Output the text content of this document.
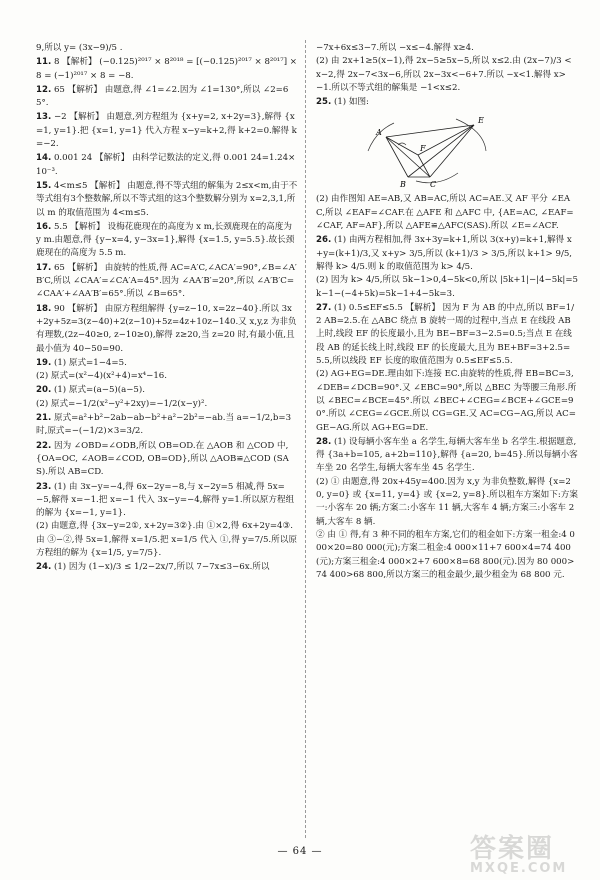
9,所以 y= (3x−9)/5 .
11. 8 【解析】 (−0.125)²⁰¹⁷ × 8²⁰¹⁸ = [(−0.125)²⁰¹⁷ × 8²⁰¹⁷] × 8 = (−1)²⁰¹⁷ × 8 = −8.
12. 65 【解析】 由题意,得 ∠1=∠2.因为 ∠1=130°,所以 ∠2=65°.
13. −2 【解析】 由题意,列方程组为 {x+y=2, x+2y=3},解得 {x=1, y=1}.把 {x=1, y=1} 代入方程 x−y=k+2,得 k+2=0.解得 k=−2.
14. 0.001 24 【解析】 由科学记数法的定义,得 0.001 24=1.24×10⁻³.
15. 4<m≤5 【解析】 由题意,得不等式组的解集为 2≤x<m,由于不等式组有3个整数解,所以不等式组的这3个整数解分别为 x=2,3,1,所以 m 的取值范围为 4<m≤5.
16. 5.5 【解析】 设梅花鹿现在的高度为 x m,长颈鹿现在的高度为 y m.由题意,得 {y−x=4, y−3x=1},解得 {x=1.5, y=5.5}.故长颈鹿现在的高度为 5.5 m.
17. 65 【解析】 由旋转的性质,得 AC=A′C,∠ACA′=90°,∠B=∠A′B′C,所以 ∠CAA′=∠CA′A=45°.因为 ∠AA′B′=20°,所以 ∠A′B′C=∠CAA′+∠AA′B′=65°.所以 ∠B=65°.
18. 90 【解析】 由原方程组解得 {y=z−10, x=2z−40}.所以 3x+2y+5z=3(z−40)+2(z−10)+5z=4z+10z−140.又 x,y,z 为非负有理数,(2z−40≥0, z−10≥0),解得 z≥20,当 z=20 时,有最小值,且最小值为 40−50=90.
19. (1) 原式=1−4=5.
(2) 原式=(x²−4)(x²+4)=x⁴−16.
20. (1) 原式=(a−5)(a−5).
(2) 原式=−1/2(x²−y²+2xy)=−1/2(x−y)².
21. 原式=a²+b²−2ab−ab−b²+a²−2b²=−ab.当 a=−1/2,b=3时,原式=−(−1/2)×3=3/2.
22. 因为 ∠OBD=∠ODB,所以 OB=OD.在 △AOB 和 △COD 中, {OA=OC, ∠AOB=∠COD, OB=OD},所以 △AOB≌△COD (SAS).所以 AB=CD.
23. (1) 由 3x−y=−4,得 6x−2y=−8,与 x−2y=5 相减,得 5x=−5,解得 x=−1.把 x=−1 代入 3x−y=−4,解得 y=1.所以原方程组的解为 {x=−1, y=1}.
(2) 由题意,得 {3x−y=2①, x+2y=3②}.由 ①×2,得 6x+2y=4③.由 ③−②,得 5x=1,解得 x=1/5.把 x=1/5 代入 ①,得 y=7/5.所以原方程组的解为 {x=1/5, y=7/5}.
24. (1) 因为 (1−x)/3 ≤ 1/2−2x/7,所以 7−7x≤3−6x.所以
−7x+6x≤3−7.所以 −x≤−4.解得 x≥4.
(2) 由 2x+1≥5(x−1),得 2x−5≥5x−5,所以 x≤2.由 (2x−7)/3 < x−2,得 2x−7<3x−6,所以 2x−3x<−6+7.所以 −x<1.解得 x>−1.所以不等式组的解集是 −1<x≤2.
25. (1) 如图:
A
B	C
E
F
(2) 由作图知 AE=AB,又 AB=AC,所以 AC=AE.又 AF 平分 ∠EAC,所以 ∠EAF=∠CAF.在 △AFE 和 △AFC 中, {AE=AC, ∠EAF=∠CAF, AF=AF},所以 △AFE≌△AFC(SAS).所以 ∠E=∠ACF.
26. (1) 由两方程相加,得 3x+3y=k+1,所以 3(x+y)=k+1,解得 x+y=(k+1)/3,又 x+y> 3/5,所以 (k+1)/3 > 3/5,所以 k+1> 9/5,解得 k> 4/5.则 k 的取值范围为 k> 4/5.
(2) 因为 k> 4/5,所以 5k−1>0,4−5k<0,所以 |5k+1|−|4−5k|=5k−1−(−4+5k)=5k−1+4−5k=3.
27. (1) 0.5≤EF≤5.5 【解析】 因为 F 为 AB 的中点,所以 BF=1/2 AB=2.5.在 △ABC 绕点 B 旋转一周的过程中,当点 E 在线段 AB 上时,线段 EF 的长度最小,且为 BE−BF=3−2.5=0.5;当点 E 在线段 AB 的延长线上时,线段 EF 的长度最大,且为 BE+BF=3+2.5=5.5,所以线段 EF 长度的取值范围为 0.5≤EF≤5.5.
(2) AG+EG=DE.理由如下:连接 EC.由旋转的性质,得 EB=BC=3,∠DEB=∠DCB=90°.又 ∠EBC=90°,所以 △BEC 为等腰三角形.所以 ∠BEC=∠BCE=45°.所以 ∠BEC+∠CEG=∠BCE+∠GCE=90°.所以 ∠CEG=∠GCE.所以 CG=GE.又 AC=CG−AG,所以 AC=GE−AG.所以 AG+EG=DE.
28. (1) 设每辆小客车坐 a 名学生,每辆大客车坐 b 名学生.根据题意,得 {3a+b=105, a+2b=110},解得 {a=20, b=45}.所以每辆小客车坐 20 名学生,每辆大客车坐 45 名学生.
(2) ① 由题意,得 20x+45y=400.因为 x,y 为非负整数,解得 {x=20, y=0} 或 {x=11, y=4} 或 {x=2, y=8}.所以租车方案如下:方案一:小客车 20 辆;方案二:小客车 11 辆,大客车 4 辆;方案三:小客车 2 辆,大客车 8 辆.
② 由 ① 得,有 3 种不同的租车方案,它们的租金如下:方案一租金:4 000×20=80 000(元);方案二租金:4 000×11+7 600×4=74 400(元);方案三租金:4 000×2+7 600×8=68 800(元).因为 80 000>74 400>68 800,所以方案三的租金最少,最少租金为 68 800 元.
— 64 —	答案圈
MXQE.COM
